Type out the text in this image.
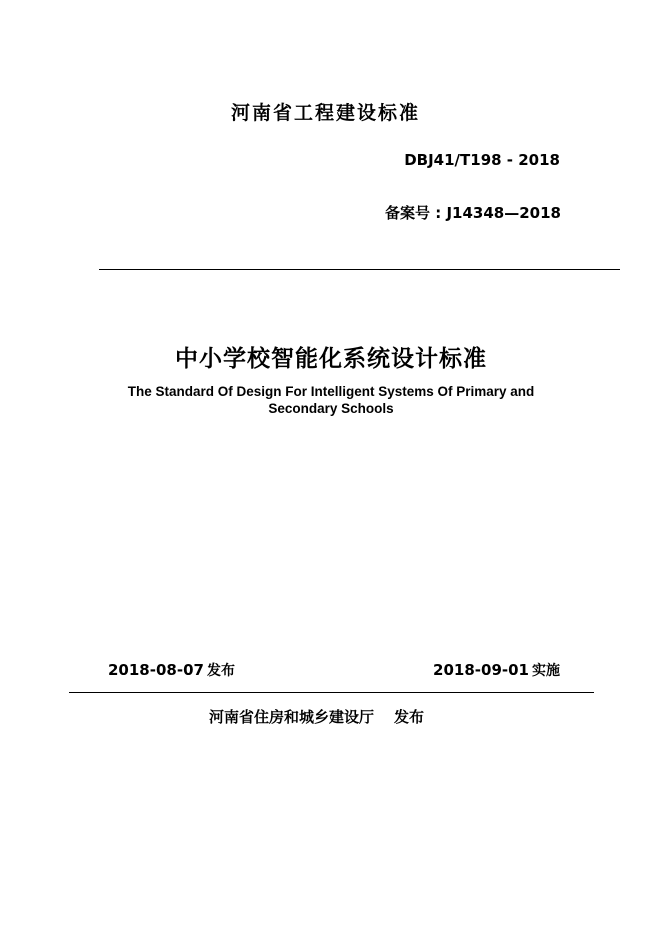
河南省工程建设标准
DBJ41/T198 - 2018
备案号 : J14348—2018
中小学校智能化系统设计标准
The Standard Of Design For Intelligent Systems Of Primary and Secondary Schools
2018-08-07 发布	2018-09-01 实施
河南省住房和城乡建设厅 发布
